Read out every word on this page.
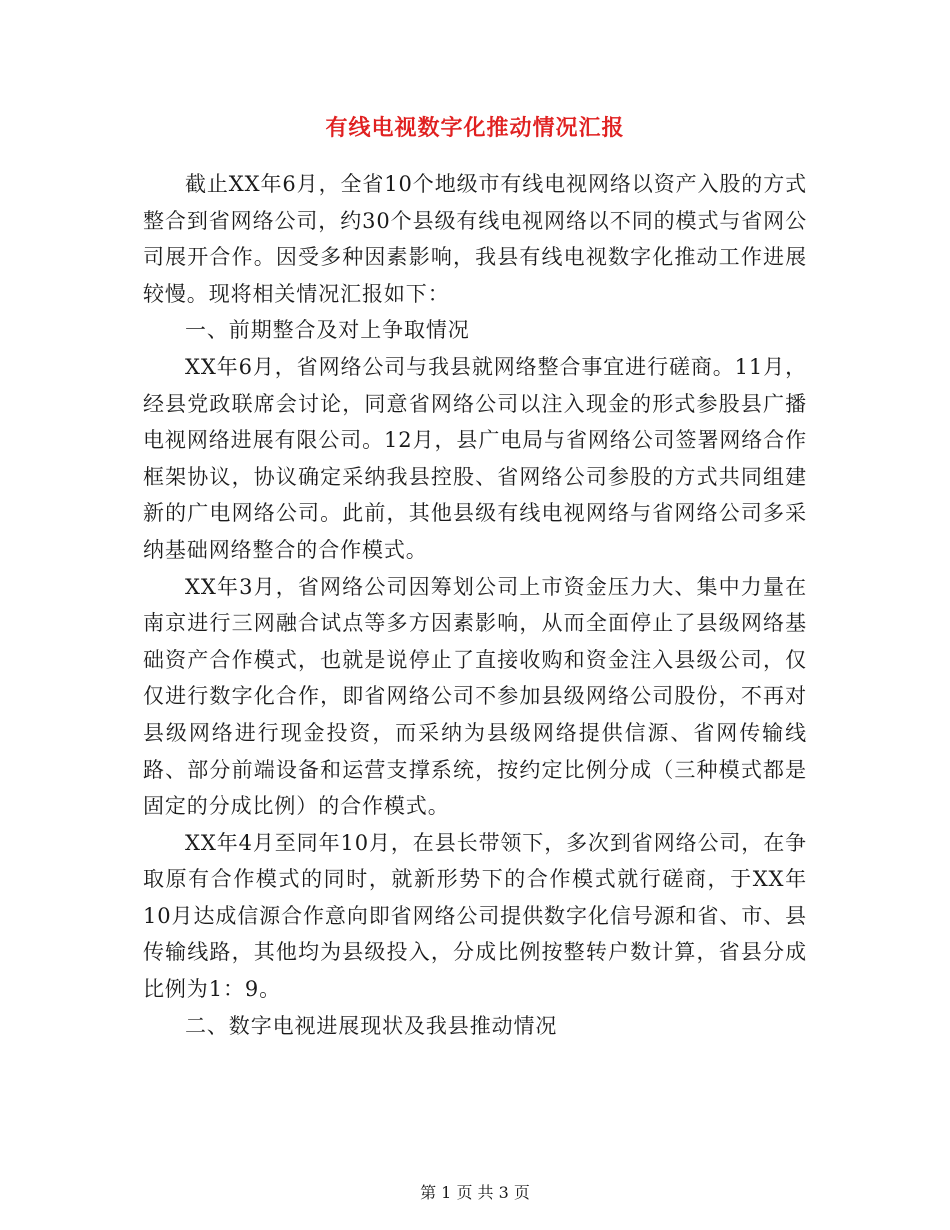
有线电视数字化推动情况汇报

截止XX年6月，全省10个地级市有线电视网络以资产入股的方式整合到省网络公司，约30个县级有线电视网络以不同的模式与省网公司展开合作。因受多种因素影响，我县有线电视数字化推动工作进展较慢。现将相关情况汇报如下：

一、前期整合及对上争取情况

XX年6月，省网络公司与我县就网络整合事宜进行磋商。11月，经县党政联席会讨论，同意省网络公司以注入现金的形式参股县广播电视网络进展有限公司。12月，县广电局与省网络公司签署网络合作框架协议，协议确定采纳我县控股、省网络公司参股的方式共同组建新的广电网络公司。此前，其他县级有线电视网络与省网络公司多采纳基础网络整合的合作模式。

XX年3月，省网络公司因筹划公司上市资金压力大、集中力量在南京进行三网融合试点等多方因素影响，从而全面停止了县级网络基础资产合作模式，也就是说停止了直接收购和资金注入县级公司，仅仅进行数字化合作，即省网络公司不参加县级网络公司股份，不再对县级网络进行现金投资，而采纳为县级网络提供信源、省网传输线路、部分前端设备和运营支撑系统，按约定比例分成（三种模式都是固定的分成比例）的合作模式。

XX年4月至同年10月，在县长带领下，多次到省网络公司，在争取原有合作模式的同时，就新形势下的合作模式就行磋商，于XX年10月达成信源合作意向即省网络公司提供数字化信号源和省、市、县传输线路，其他均为县级投入，分成比例按整转户数计算，省县分成比例为1：9。

二、数字电视进展现状及我县推动情况

第 1 页 共 3 页
